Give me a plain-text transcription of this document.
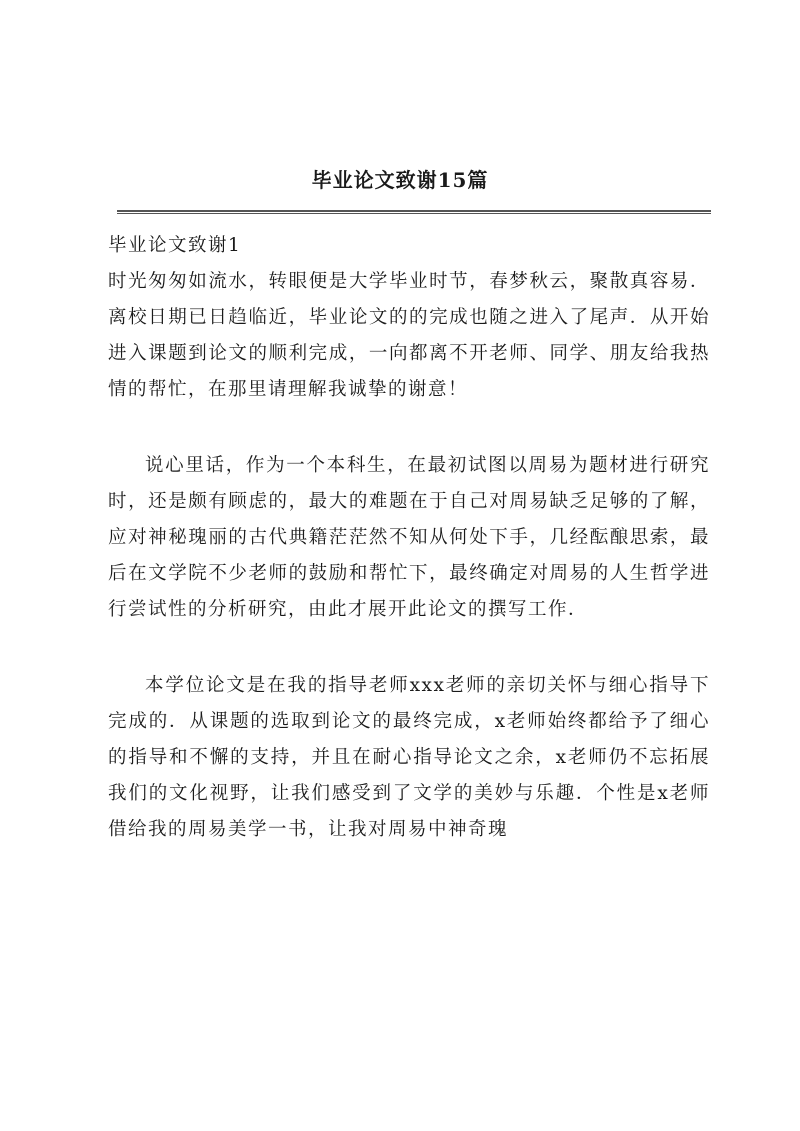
毕业论文致谢15篇

毕业论文致谢1

时光匆匆如流水，转眼便是大学毕业时节，春梦秋云，聚散真容易．离校日期已日趋临近，毕业论文的的完成也随之进入了尾声．从开始进入课题到论文的顺利完成，一向都离不开老师、同学、朋友给我热情的帮忙，在那里请理解我诚挚的谢意！

说心里话，作为一个本科生，在最初试图以周易为题材进行研究时，还是颇有顾虑的，最大的难题在于自己对周易缺乏足够的了解，应对神秘瑰丽的古代典籍茫茫然不知从何处下手，几经酝酿思索，最后在文学院不少老师的鼓励和帮忙下，最终确定对周易的人生哲学进行尝试性的分析研究，由此才展开此论文的撰写工作．

本学位论文是在我的指导老师xxx老师的亲切关怀与细心指导下完成的．从课题的选取到论文的最终完成，x老师始终都给予了细心的指导和不懈的支持，并且在耐心指导论文之余，x老师仍不忘拓展我们的文化视野，让我们感受到了文学的美妙与乐趣．个性是x老师借给我的周易美学一书，让我对周易中神奇瑰
